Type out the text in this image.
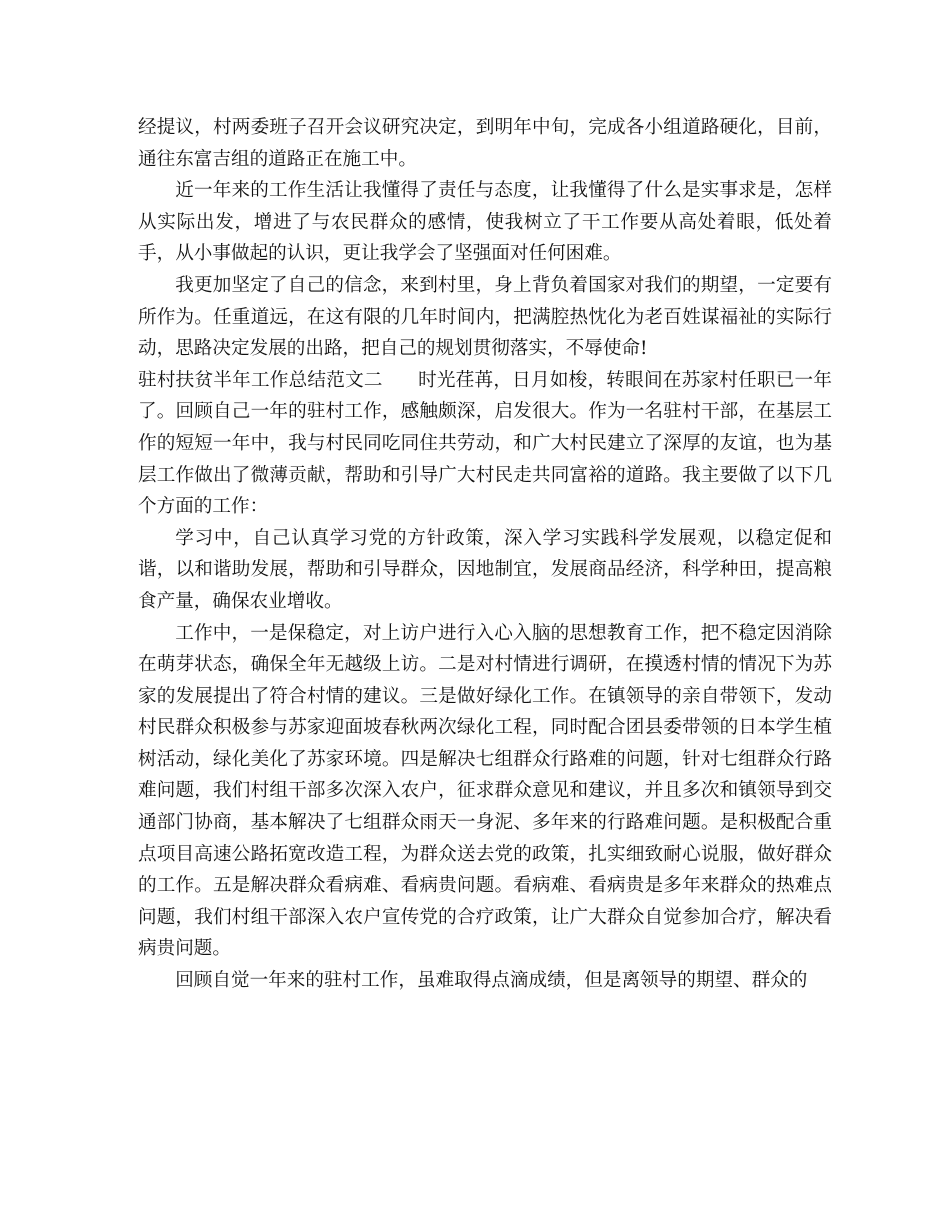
经提议，村两委班子召开会议研究决定，到明年中旬，完成各小组道路硬化，目前，通往东富吉组的道路正在施工中。

近一年来的工作生活让我懂得了责任与态度，让我懂得了什么是实事求是，怎样从实际出发，增进了与农民群众的感情，使我树立了干工作要从高处着眼，低处着手，从小事做起的认识，更让我学会了坚强面对任何困难。

我更加坚定了自己的信念，来到村里，身上背负着国家对我们的期望，一定要有所作为。任重道远，在这有限的几年时间内，把满腔热忱化为老百姓谋福祉的实际行动，思路决定发展的出路，把自己的规划贯彻落实，不辱使命!

驻村扶贫半年工作总结范文二 时光荏苒，日月如梭，转眼间在苏家村任职已一年了。回顾自己一年的驻村工作，感触颇深，启发很大。作为一名驻村干部，在基层工作的短短一年中，我与村民同吃同住共劳动，和广大村民建立了深厚的友谊，也为基层工作做出了微薄贡献，帮助和引导广大村民走共同富裕的道路。我主要做了以下几个方面的工作：

学习中，自己认真学习党的方针政策，深入学习实践科学发展观，以稳定促和谐，以和谐助发展，帮助和引导群众，因地制宜，发展商品经济，科学种田，提高粮食产量，确保农业增收。

工作中，一是保稳定，对上访户进行入心入脑的思想教育工作，把不稳定因消除在萌芽状态，确保全年无越级上访。二是对村情进行调研，在摸透村情的情况下为苏家的发展提出了符合村情的建议。三是做好绿化工作。在镇领导的亲自带领下，发动村民群众积极参与苏家迎面坡春秋两次绿化工程，同时配合团县委带领的日本学生植树活动，绿化美化了苏家环境。四是解决七组群众行路难的问题，针对七组群众行路难问题，我们村组干部多次深入农户，征求群众意见和建议，并且多次和镇领导到交通部门协商，基本解决了七组群众雨天一身泥、多年来的行路难问题。是积极配合重点项目高速公路拓宽改造工程，为群众送去党的政策，扎实细致耐心说服，做好群众的工作。五是解决群众看病难、看病贵问题。看病难、看病贵是多年来群众的热难点问题，我们村组干部深入农户宣传党的合疗政策，让广大群众自觉参加合疗，解决看病贵问题。

回顾自觉一年来的驻村工作，虽难取得点滴成绩，但是离领导的期望、群众的
